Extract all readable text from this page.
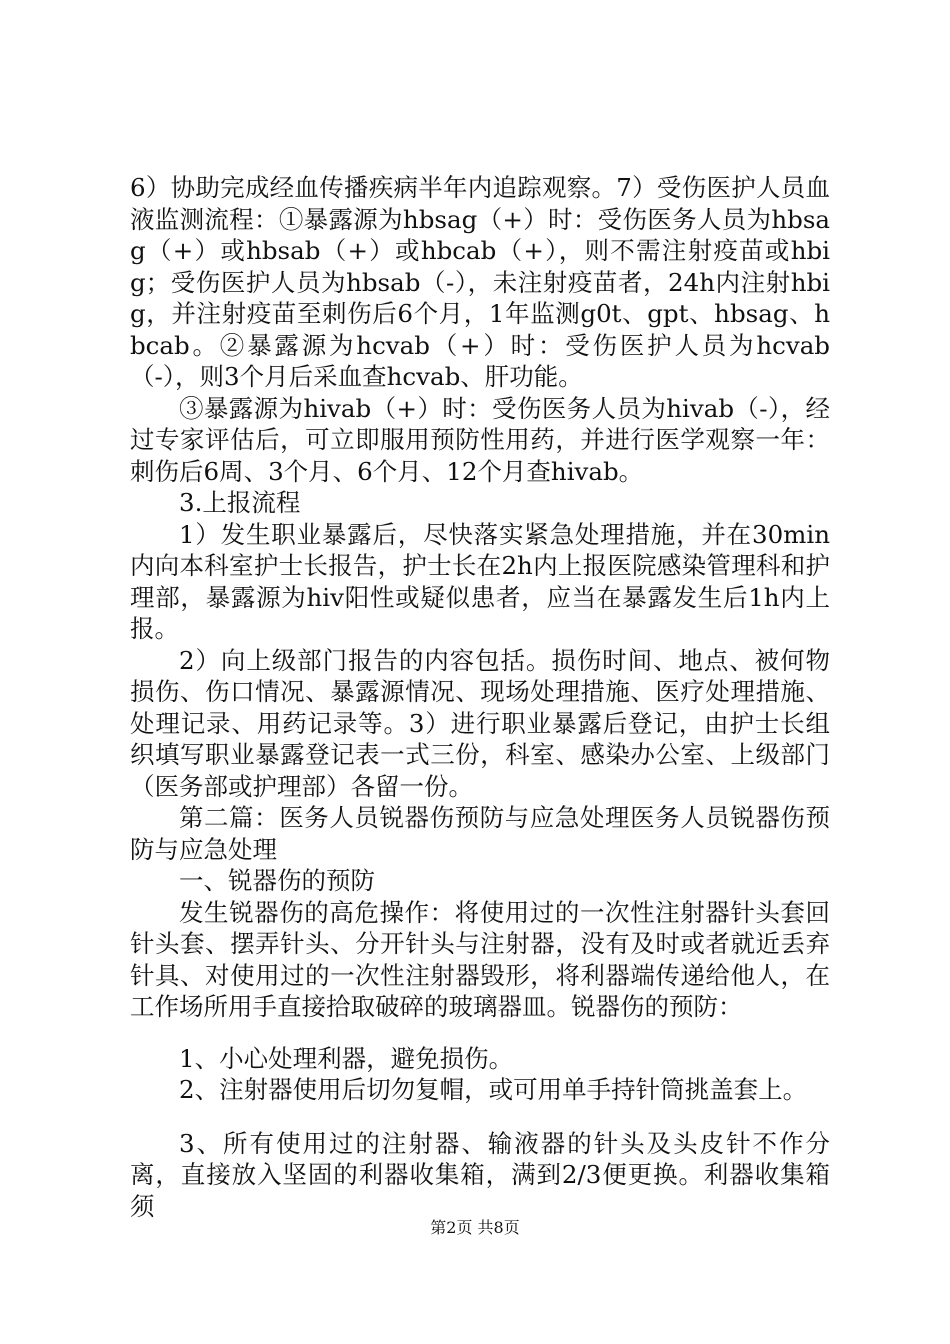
6）协助完成经血传播疾病半年内追踪观察。7）受伤医护人员血液监测流程：①暴露源为hbsag（+）时：受伤医务人员为hbsag（+）或hbsab（+）或hbcab（+），则不需注射疫苗或hbig；受伤医护人员为hbsab（-），未注射疫苗者，24h内注射hbig，并注射疫苗至刺伤后6个月，1年监测g0t、gpt、hbsag、hbcab。②暴露源为hcvab（+）时：受伤医护人员为hcvab（-），则3个月后采血查hcvab、肝功能。

③暴露源为hivab（+）时：受伤医务人员为hivab（-），经过专家评估后，可立即服用预防性用药，并进行医学观察一年：刺伤后6周、3个月、6个月、12个月查hivab。

3.上报流程

1）发生职业暴露后，尽快落实紧急处理措施，并在30min内向本科室护士长报告，护士长在2h内上报医院感染管理科和护理部，暴露源为hiv阳性或疑似患者，应当在暴露发生后1h内上报。

2）向上级部门报告的内容包括。损伤时间、地点、被何物损伤、伤口情况、暴露源情况、现场处理措施、医疗处理措施、处理记录、用药记录等。3）进行职业暴露后登记，由护士长组织填写职业暴露登记表一式三份，科室、感染办公室、上级部门（医务部或护理部）各留一份。

第二篇：医务人员锐器伤预防与应急处理医务人员锐器伤预防与应急处理

一、锐器伤的预防

发生锐器伤的高危操作：将使用过的一次性注射器针头套回针头套、摆弄针头、分开针头与注射器，没有及时或者就近丢弃针具、对使用过的一次性注射器毁形，将利器端传递给他人，在工作场所用手直接拾取破碎的玻璃器皿。锐器伤的预防：

1、小心处理利器，避免损伤。

2、注射器使用后切勿复帽，或可用单手持针筒挑盖套上。

3、所有使用过的注射器、输液器的针头及头皮针不作分离，直接放入坚固的利器收集箱，满到2/3便更换。利器收集箱须

第2页 共8页
